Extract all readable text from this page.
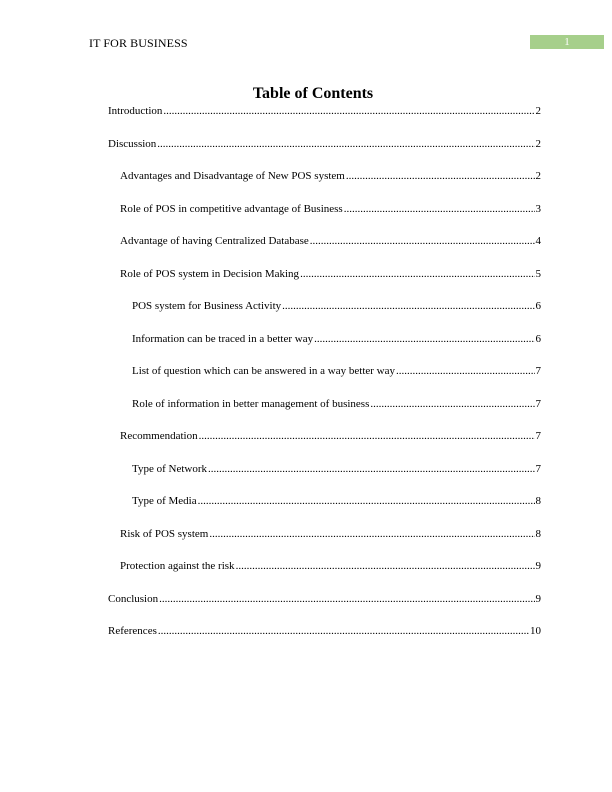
IT FOR BUSINESS	1
Table of Contents
Introduction .....	2
Discussion .....	2
Advantages and Disadvantage of New POS system .....	2
Role of POS in competitive advantage of Business .....	3
Advantage of having Centralized Database .....	4
Role of POS system in Decision Making .....	5
POS system for Business Activity .....	6
Information can be traced in a better way .....	6
List of question which can be answered in a way better way .....	7
Role of information in better management of business .....	7
Recommendation .....	7
Type of Network .....	7
Type of Media .....	8
Risk of POS system .....	8
Protection against the risk .....	9
Conclusion .....	9
References .....	10
